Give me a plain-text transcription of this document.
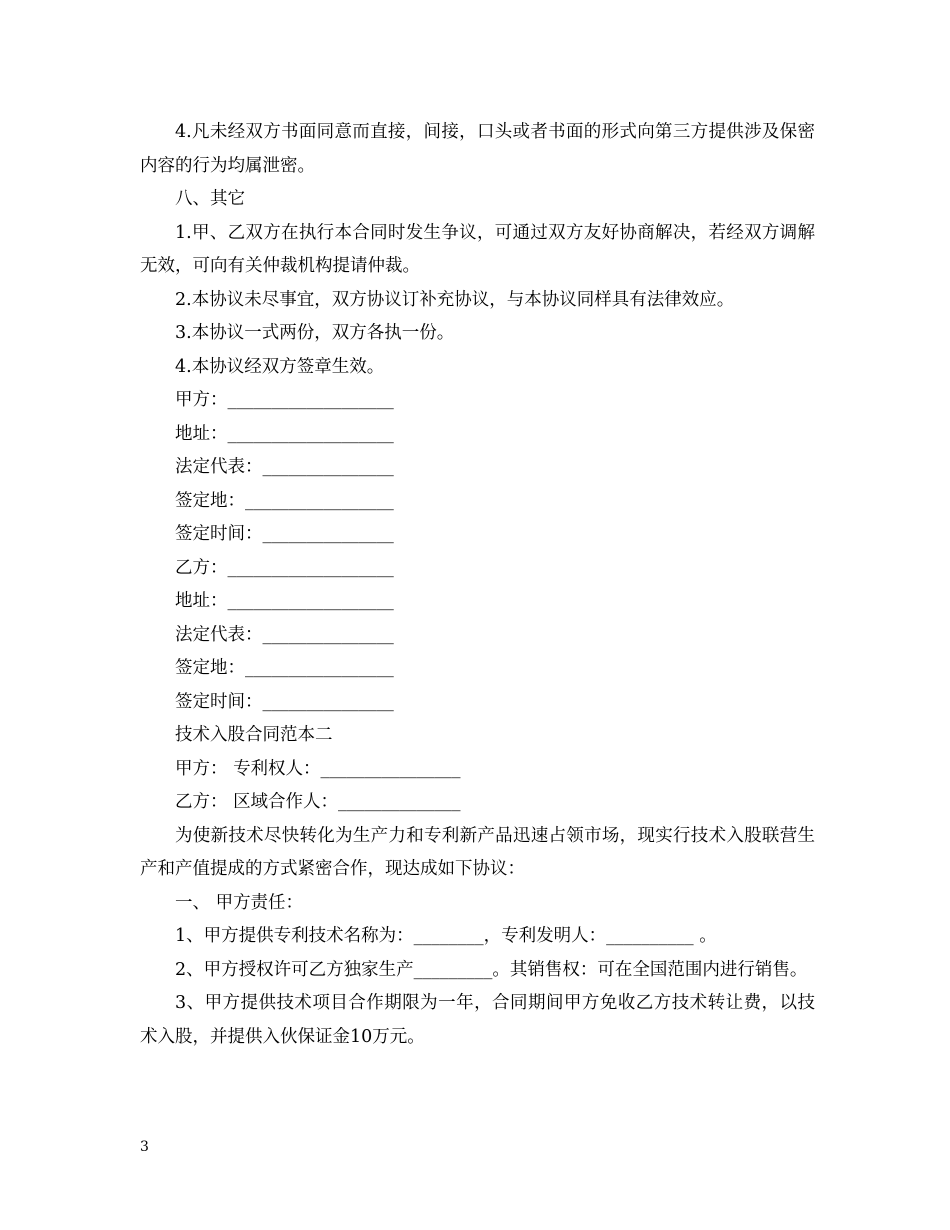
4.凡未经双方书面同意而直接，间接，口头或者书面的形式向第三方提供涉及保密内容的行为均属泄密。

八、其它

1.甲、乙双方在执行本合同时发生争议，可通过双方友好协商解决，若经双方调解无效，可向有关仲裁机构提请仲裁。

2.本协议未尽事宜，双方协议订补充协议，与本协议同样具有法律效应。

3.本协议一式两份，双方各执一份。

4.本协议经双方签章生效。

甲方：___________________

地址：___________________

法定代表：_______________

签定地：_________________

签定时间：_______________

乙方：___________________

地址：___________________

法定代表：_______________

签定地：_________________

签定时间：_______________

技术入股合同范本二

甲方： 专利权人：________________

乙方： 区域合作人：______________

为使新技术尽快转化为生产力和专利新产品迅速占领市场，现实行技术入股联营生产和产值提成的方式紧密合作，现达成如下协议：

一、 甲方责任：

1、甲方提供专利技术名称为：________，专利发明人：__________ 。

2、甲方授权许可乙方独家生产_________。其销售权：可在全国范围内进行销售。

3、甲方提供技术项目合作期限为一年，合同期间甲方免收乙方技术转让费，以技术入股，并提供入伙保证金10万元。

3
